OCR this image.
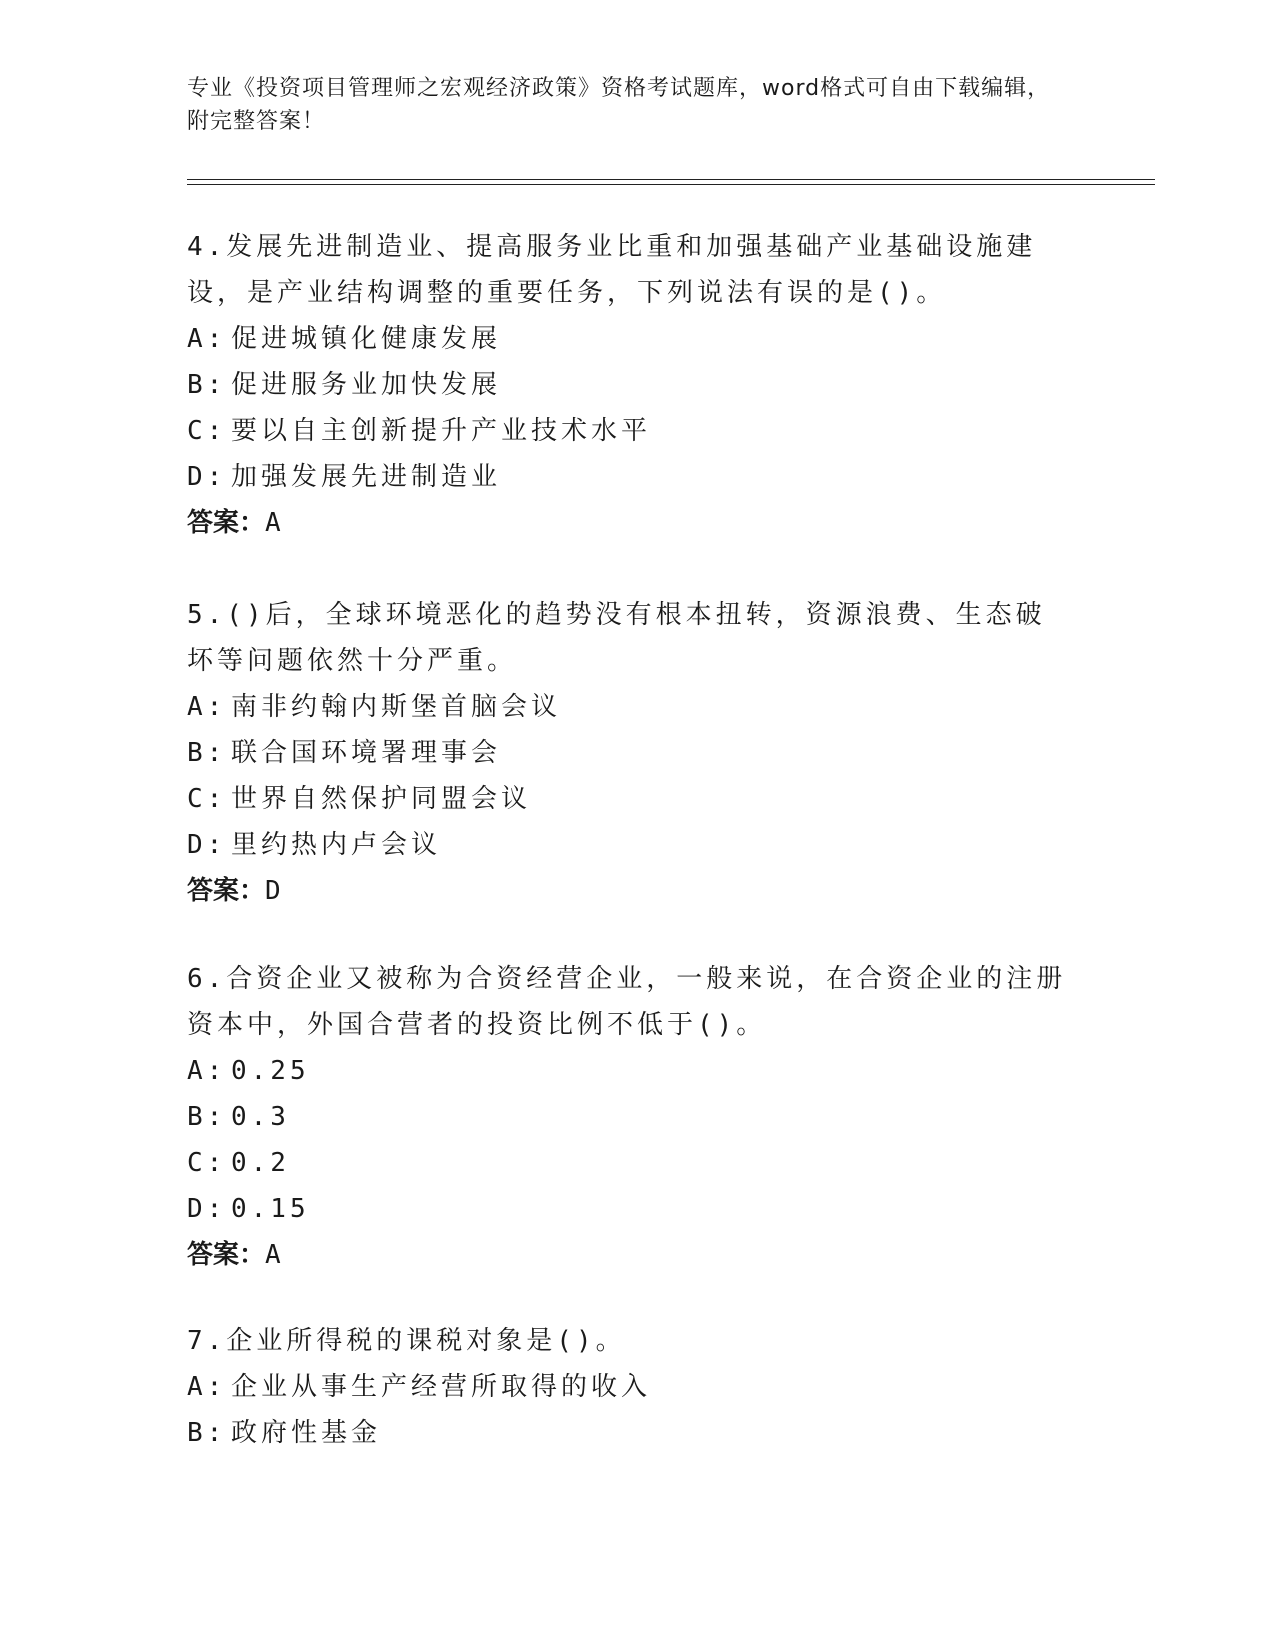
专业《投资项目管理师之宏观经济政策》资格考试题库，word格式可自由下载编辑，附完整答案！

4.发展先进制造业、提高服务业比重和加强基础产业基础设施建设，是产业结构调整的重要任务，下列说法有误的是()。

A: 促进城镇化健康发展

B: 促进服务业加快发展

C: 要以自主创新提升产业技术水平

D: 加强发展先进制造业

答案：A

5.()后，全球环境恶化的趋势没有根本扭转，资源浪费、生态破坏等问题依然十分严重。

A: 南非约翰内斯堡首脑会议

B: 联合国环境署理事会

C: 世界自然保护同盟会议

D: 里约热内卢会议

答案：D

6.合资企业又被称为合资经营企业，一般来说，在合资企业的注册资本中，外国合营者的投资比例不低于()。

A: 0.25

B: 0.3

C: 0.2

D: 0.15

答案：A

7.企业所得税的课税对象是()。

A: 企业从事生产经营所取得的收入

B: 政府性基金
